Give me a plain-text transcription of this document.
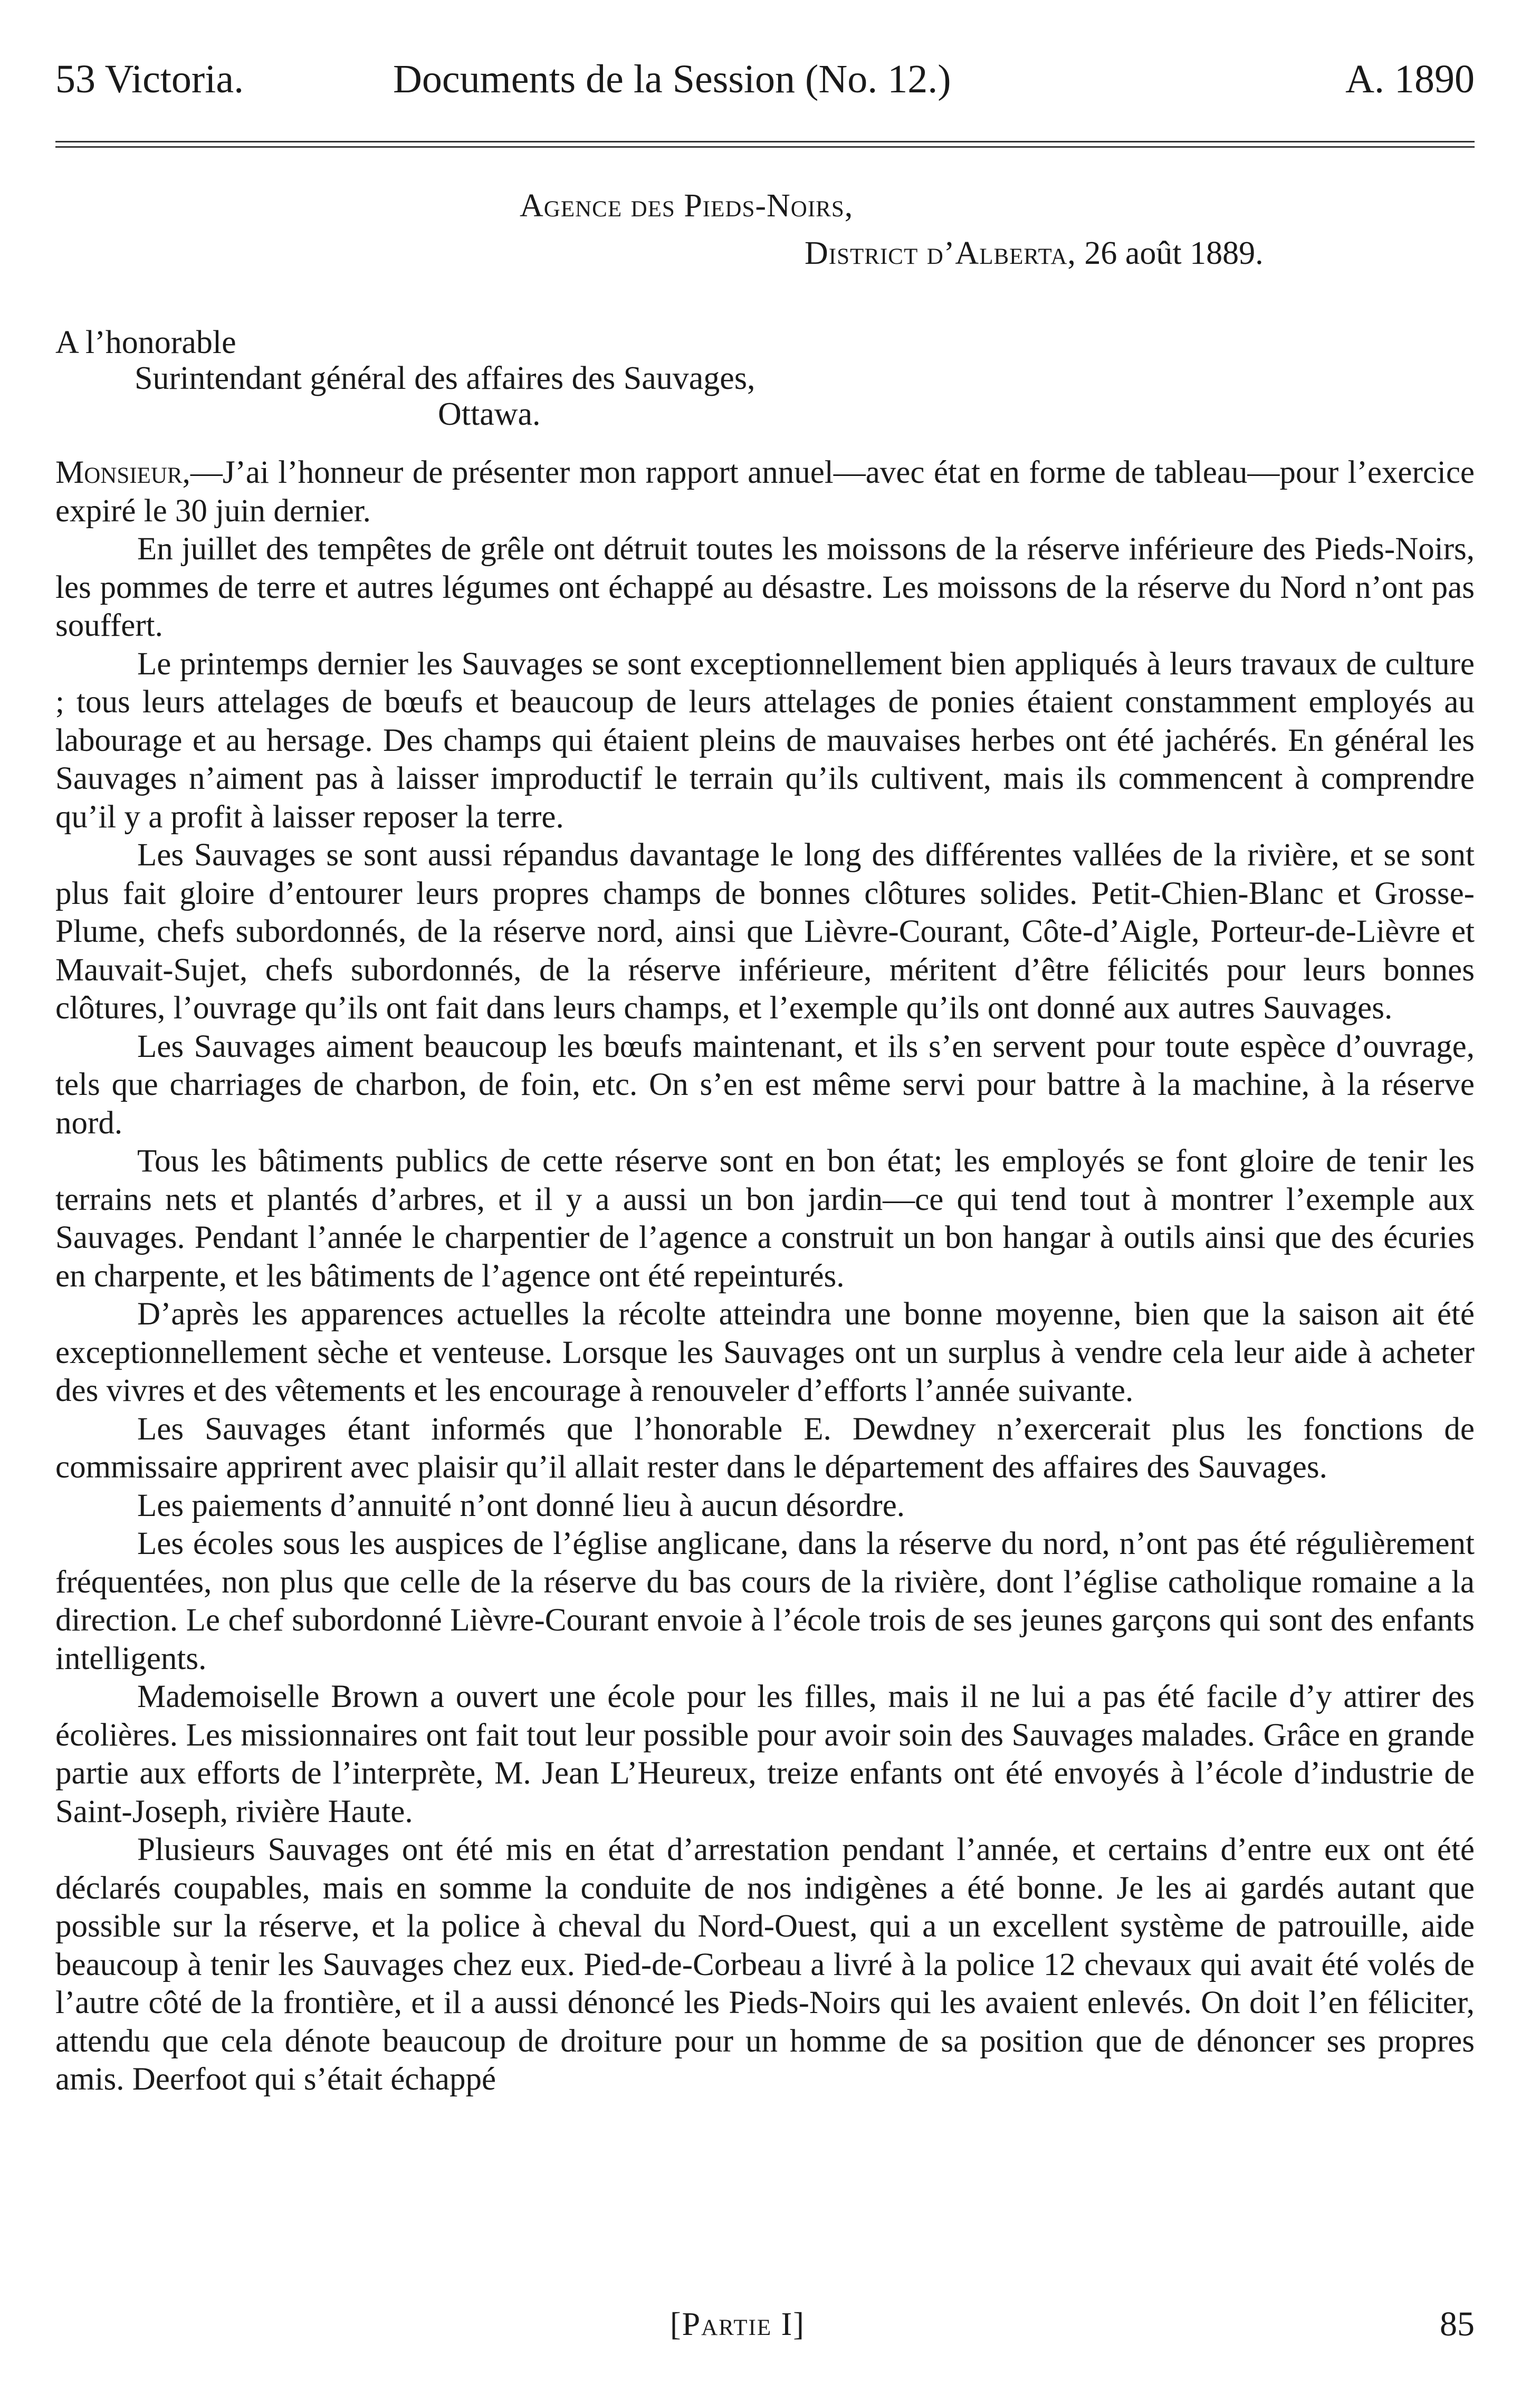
53 Victoria.	Documents de la Session (No. 12.)	A. 1890
Agence des Pieds-Noirs,
District d’Alberta, 26 août 1889.
A l’honorable
Surintendant général des affaires des Sauvages,
Ottawa.

Monsieur,—J’ai l’honneur de présenter mon rapport annuel—avec état en forme de tableau—pour l’exercice expiré le 30 juin dernier.

En juillet des tempêtes de grêle ont détruit toutes les moissons de la réserve inférieure des Pieds-Noirs, les pommes de terre et autres légumes ont échappé au désastre. Les moissons de la réserve du Nord n’ont pas souffert.

Le printemps dernier les Sauvages se sont exceptionnellement bien appliqués à leurs travaux de culture ; tous leurs attelages de bœufs et beaucoup de leurs attelages de ponies étaient constamment employés au labourage et au hersage. Des champs qui étaient pleins de mauvaises herbes ont été jachérés. En général les Sauvages n’aiment pas à laisser improductif le terrain qu’ils cultivent, mais ils commencent à comprendre qu’il y a profit à laisser reposer la terre.

Les Sauvages se sont aussi répandus davantage le long des différentes vallées de la rivière, et se sont plus fait gloire d’entourer leurs propres champs de bonnes clôtures solides. Petit-Chien-Blanc et Grosse-Plume, chefs subordonnés, de la réserve nord, ainsi que Lièvre-Courant, Côte-d’Aigle, Porteur-de-Lièvre et Mauvait-Sujet, chefs subordonnés, de la réserve inférieure, méritent d’être félicités pour leurs bonnes clôtures, l’ouvrage qu’ils ont fait dans leurs champs, et l’exemple qu’ils ont donné aux autres Sauvages.

Les Sauvages aiment beaucoup les bœufs maintenant, et ils s’en servent pour toute espèce d’ouvrage, tels que charriages de charbon, de foin, etc. On s’en est même servi pour battre à la machine, à la réserve nord.

Tous les bâtiments publics de cette réserve sont en bon état; les employés se font gloire de tenir les terrains nets et plantés d’arbres, et il y a aussi un bon jardin—ce qui tend tout à montrer l’exemple aux Sauvages. Pendant l’année le charpentier de l’agence a construit un bon hangar à outils ainsi que des écuries en charpente, et les bâtiments de l’agence ont été repeinturés.

D’après les apparences actuelles la récolte atteindra une bonne moyenne, bien que la saison ait été exceptionnellement sèche et venteuse. Lorsque les Sauvages ont un surplus à vendre cela leur aide à acheter des vivres et des vêtements et les encourage à renouveler d’efforts l’année suivante.

Les Sauvages étant informés que l’honorable E. Dewdney n’exercerait plus les fonctions de commissaire apprirent avec plaisir qu’il allait rester dans le département des affaires des Sauvages.

Les paiements d’annuité n’ont donné lieu à aucun désordre.

Les écoles sous les auspices de l’église anglicane, dans la réserve du nord, n’ont pas été régulièrement fréquentées, non plus que celle de la réserve du bas cours de la rivière, dont l’église catholique romaine a la direction. Le chef subordonné Lièvre-Courant envoie à l’école trois de ses jeunes garçons qui sont des enfants intelligents.

Mademoiselle Brown a ouvert une école pour les filles, mais il ne lui a pas été facile d’y attirer des écolières. Les missionnaires ont fait tout leur possible pour avoir soin des Sauvages malades. Grâce en grande partie aux efforts de l’interprète, M. Jean L’Heureux, treize enfants ont été envoyés à l’école d’industrie de Saint-Joseph, rivière Haute.

Plusieurs Sauvages ont été mis en état d’arrestation pendant l’année, et certains d’entre eux ont été déclarés coupables, mais en somme la conduite de nos indigènes a été bonne. Je les ai gardés autant que possible sur la réserve, et la police à cheval du Nord-Ouest, qui a un excellent système de patrouille, aide beaucoup à tenir les Sauvages chez eux. Pied-de-Corbeau a livré à la police 12 chevaux qui avait été volés de l’autre côté de la frontière, et il a aussi dénoncé les Pieds-Noirs qui les avaient enlevés. On doit l’en féliciter, attendu que cela dénote beaucoup de droiture pour un homme de sa position que de dénoncer ses propres amis. Deerfoot qui s’était échappé

[Partie I]	85
